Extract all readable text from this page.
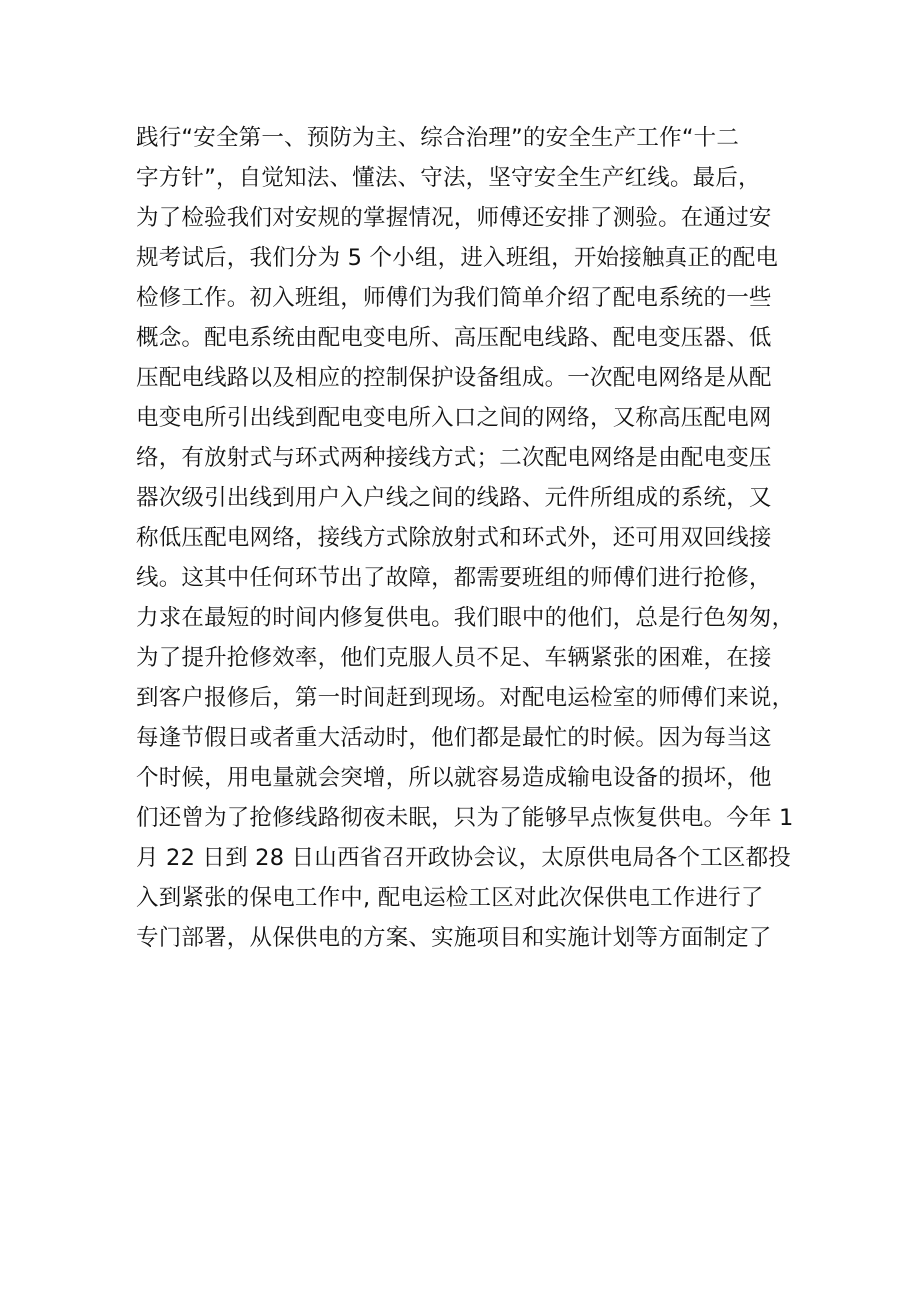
践行“安全第一、预防为主、综合治理”的安全生产工作“十二
字方针”，自觉知法、懂法、守法，坚守安全生产红线。最后，
为了检验我们对安规的掌握情况，师傅还安排了测验。在通过安
规考试后，我们分为 5 个小组，进入班组，开始接触真正的配电
检修工作。初入班组，师傅们为我们简单介绍了配电系统的一些
概念。配电系统由配电变电所、高压配电线路、配电变压器、低
压配电线路以及相应的控制保护设备组成。一次配电网络是从配
电变电所引出线到配电变电所入口之间的网络，又称高压配电网
络，有放射式与环式两种接线方式；二次配电网络是由配电变压
器次级引出线到用户入户线之间的线路、元件所组成的系统，又
称低压配电网络，接线方式除放射式和环式外，还可用双回线接
线。这其中任何环节出了故障，都需要班组的师傅们进行抢修，
力求在最短的时间内修复供电。我们眼中的他们，总是行色匆匆，
为了提升抢修效率，他们克服人员不足、车辆紧张的困难，在接
到客户报修后，第一时间赶到现场。对配电运检室的师傅们来说，
每逢节假日或者重大活动时，他们都是最忙的时候。因为每当这
个时候，用电量就会突增，所以就容易造成输电设备的损坏，他
们还曾为了抢修线路彻夜未眠，只为了能够早点恢复供电。今年 1
月 22 日到 28 日山西省召开政协会议，太原供电局各个工区都投
入到紧张的保电工作中, 配电运检工区对此次保供电工作进行了
专门部署，从保供电的方案、实施项目和实施计划等方面制定了
